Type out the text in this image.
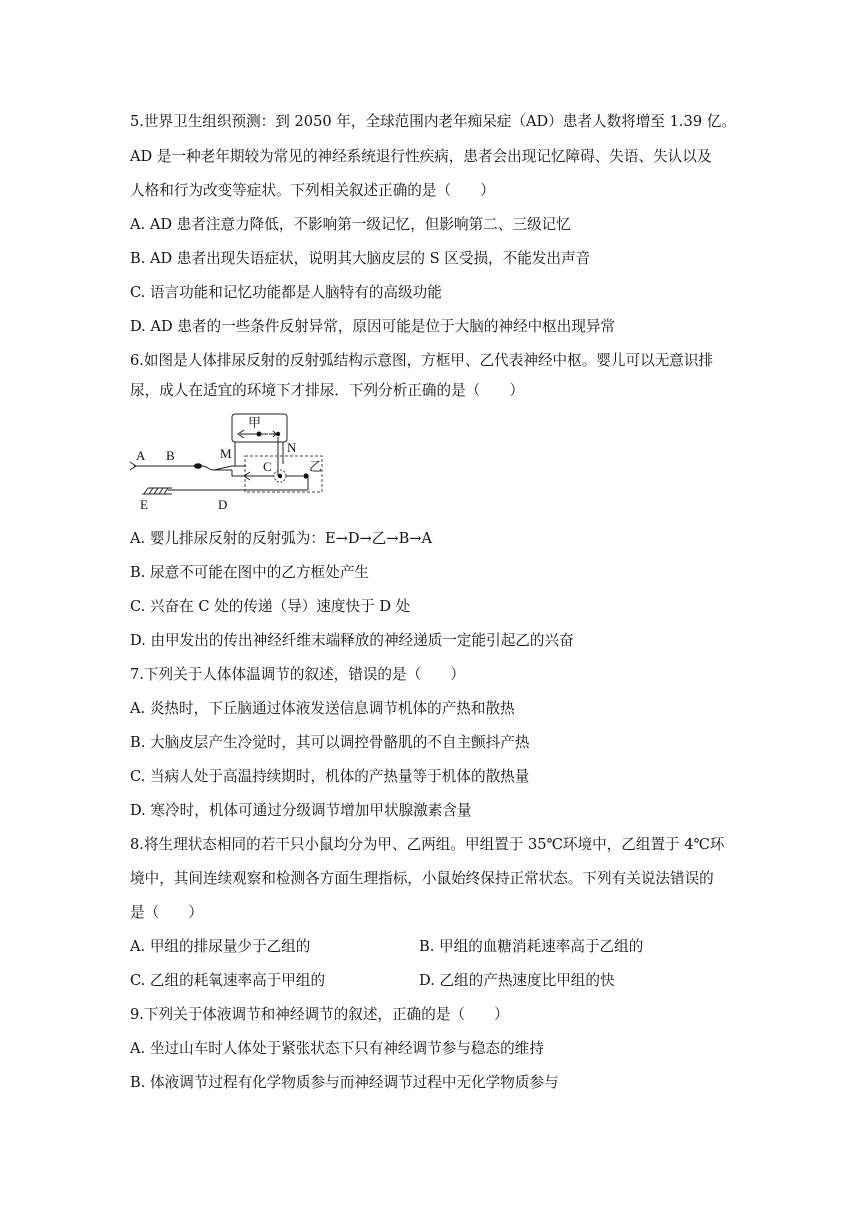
5.世界卫生组织预测：到 2050 年，全球范围内老年痴呆症（AD）患者人数将增至 1.39 亿。
AD 是一种老年期较为常见的神经系统退行性疾病，患者会出现记忆障碍、失语、失认以及
人格和行为改变等症状。下列相关叙述正确的是（　　）
A. AD 患者注意力降低，不影响第一级记忆，但影响第二、三级记忆
B. AD 患者出现失语症状，说明其大脑皮层的 S 区受损，不能发出声音
C. 语言功能和记忆功能都是人脑特有的高级功能
D. AD 患者的一些条件反射异常，原因可能是位于大脑的神经中枢出现异常
6.如图是人体排尿反射的反射弧结构示意图，方框甲、乙代表神经中枢。婴儿可以无意识排
尿，成人在适宜的环境下才排尿．下列分析正确的是（　　）
甲
M	N
C	乙
A B
E	D
A. 婴儿排尿反射的反射弧为：E→D→乙→B→A
B. 尿意不可能在图中的乙方框处产生
C. 兴奋在 C 处的传递（导）速度快于 D 处
D. 由甲发出的传出神经纤维末端释放的神经递质一定能引起乙的兴奋
7.下列关于人体体温调节的叙述，错误的是（　　）
A. 炎热时，下丘脑通过体液发送信息调节机体的产热和散热
B. 大脑皮层产生冷觉时，其可以调控骨骼肌的不自主颤抖产热
C. 当病人处于高温持续期时，机体的产热量等于机体的散热量
D. 寒冷时，机体可通过分级调节增加甲状腺激素含量
8.将生理状态相同的若干只小鼠均分为甲、乙两组。甲组置于 35℃环境中，乙组置于 4℃环
境中，其间连续观察和检测各方面生理指标，小鼠始终保持正常状态。下列有关说法错误的
是（　　）
A. 甲组的排尿量少于乙组的	B. 甲组的血糖消耗速率高于乙组的
C. 乙组的耗氧速率高于甲组的	D. 乙组的产热速度比甲组的快
9.下列关于体液调节和神经调节的叙述，正确的是（　　）
A. 坐过山车时人体处于紧张状态下只有神经调节参与稳态的维持
B. 体液调节过程有化学物质参与而神经调节过程中无化学物质参与
